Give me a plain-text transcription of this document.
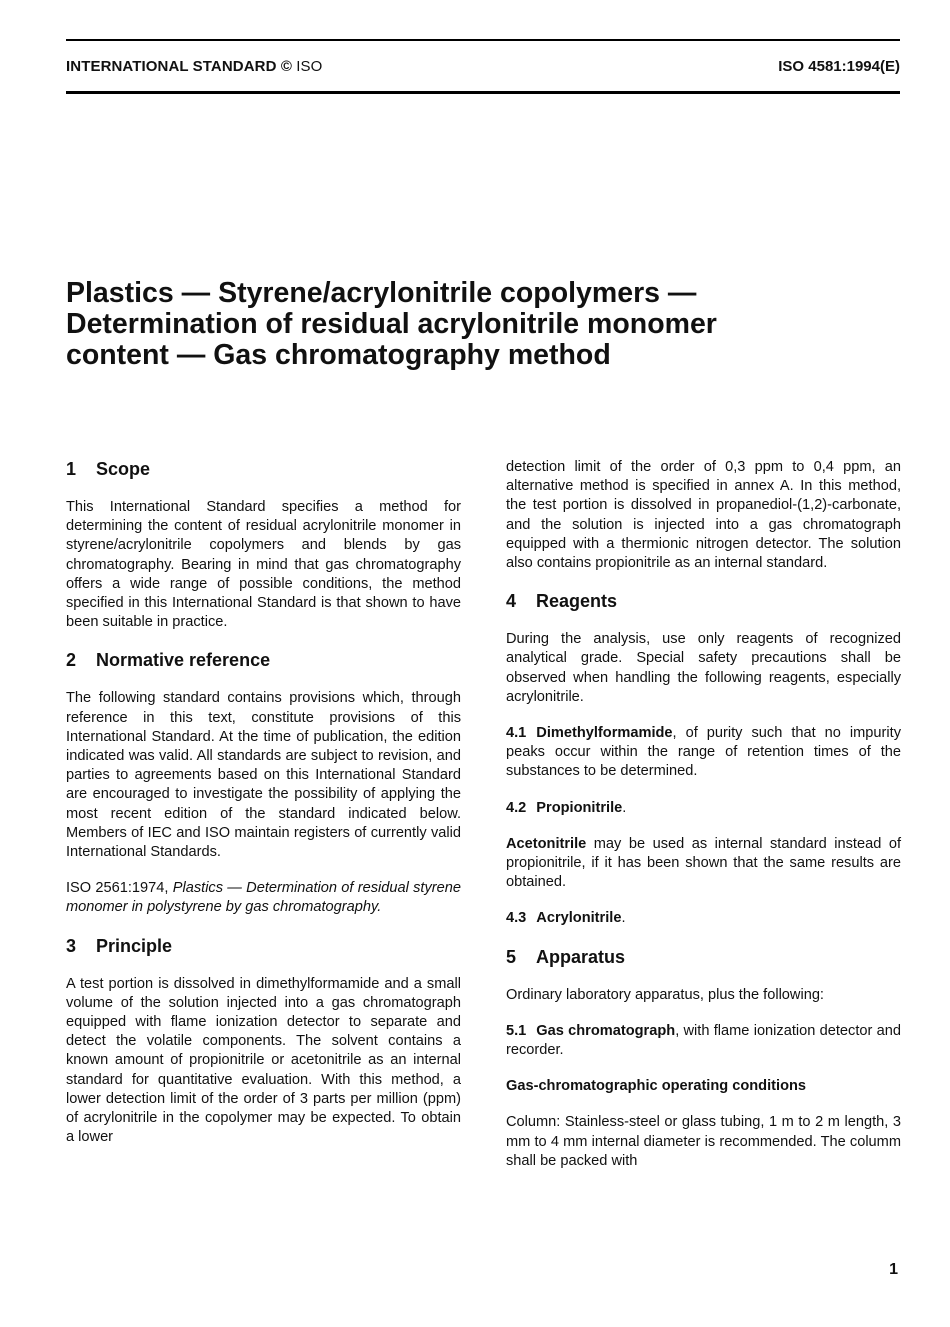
INTERNATIONAL STANDARD © ISO	ISO 4581:1994(E)
Plastics — Styrene/acrylonitrile copolymers —
Determination of residual acrylonitrile monomer
content — Gas chromatography method
1 Scope

This International Standard specifies a method for determining the content of residual acrylonitrile monomer in styrene/acrylonitrile copolymers and blends by gas chromatography. Bearing in mind that gas chromatography offers a wide range of possible conditions, the method specified in this International Standard is that shown to have been suitable in practice.

2 Normative reference

The following standard contains provisions which, through reference in this text, constitute provisions of this International Standard. At the time of publication, the edition indicated was valid. All standards are subject to revision, and parties to agreements based on this International Standard are encouraged to investigate the possibility of applying the most recent edition of the standard indicated below. Members of IEC and ISO maintain registers of currently valid International Standards.

ISO 2561:1974, Plastics — Determination of residual styrene monomer in polystyrene by gas chromatography.

3 Principle

A test portion is dissolved in dimethylformamide and a small volume of the solution injected into a gas chromatograph equipped with flame ionization detector to separate and detect the volatile components. The solvent contains a known amount of propionitrile or acetonitrile as an internal standard for quantitative evaluation. With this method, a lower detection limit of the order of 3 parts per million (ppm) of acrylonitrile in the copolymer may be expected. To obtain a lower

detection limit of the order of 0,3 ppm to 0,4 ppm, an alternative method is specified in annex A. In this method, the test portion is dissolved in propanediol-(1,2)-carbonate, and the solution is injected into a gas chromatograph equipped with a thermionic nitrogen detector. The solution also contains propionitrile as an internal standard.

4 Reagents

During the analysis, use only reagents of recognized analytical grade. Special safety precautions shall be observed when handling the following reagents, especially acrylonitrile.

4.1 Dimethylformamide, of purity such that no impurity peaks occur within the range of retention times of the substances to be determined.

4.2 Propionitrile.

Acetonitrile may be used as internal standard instead of propionitrile, if it has been shown that the same results are obtained.

4.3 Acrylonitrile.

5 Apparatus

Ordinary laboratory apparatus, plus the following:

5.1 Gas chromatograph, with flame ionization detector and recorder.

Gas-chromatographic operating conditions

Column: Stainless-steel or glass tubing, 1 m to 2 m length, 3 mm to 4 mm internal diameter is recommended. The columm shall be packed with

1
